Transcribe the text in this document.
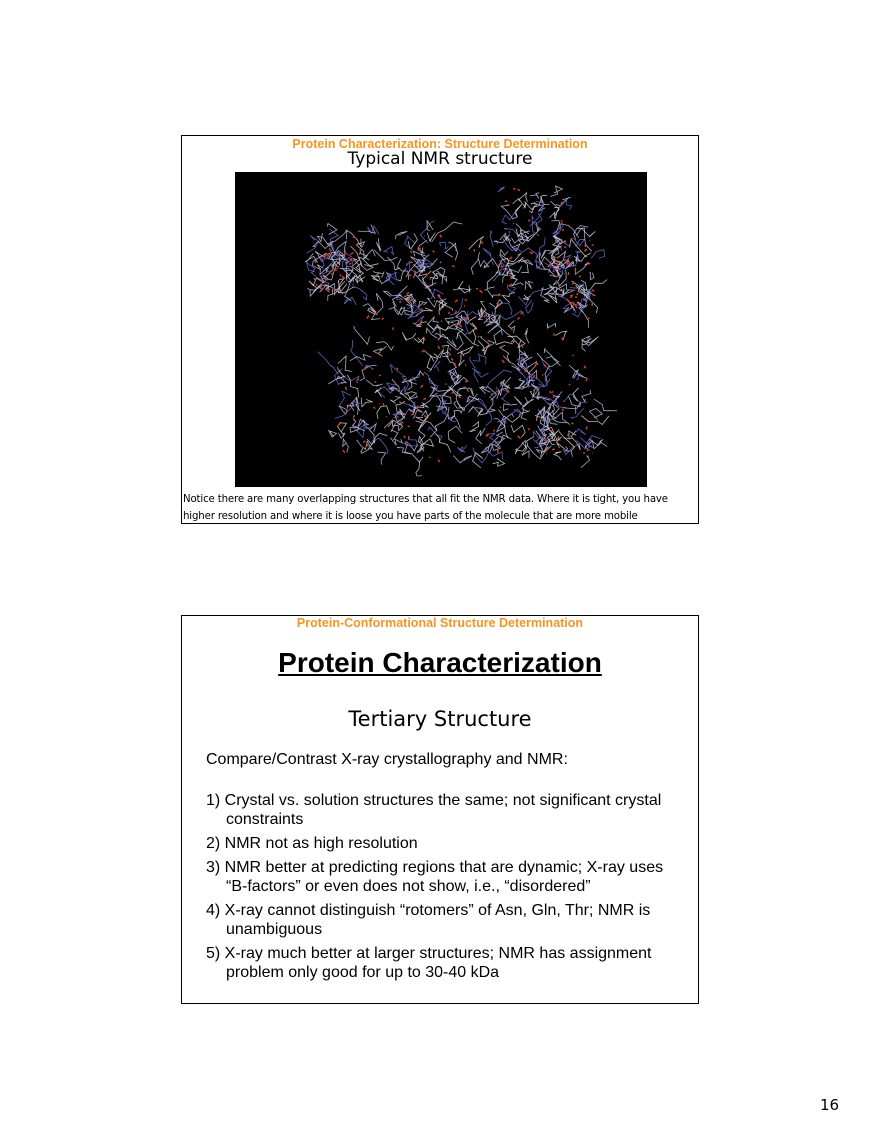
Protein Characterization: Structure Determination
Typical NMR structure
Notice there are many overlapping structures that all fit the NMR data. Where it is tight, you have
higher resolution and where it is loose you have parts of the molecule that are more mobile
Protein-Conformational Structure Determination
Protein Characterization
Tertiary Structure
Compare/Contrast X-ray crystallography and NMR:
1) Crystal vs. solution structures the same; not significant crystal constraints
2) NMR not as high resolution
3) NMR better at predicting regions that are dynamic; X-ray uses “B-factors” or even does not show, i.e., “disordered”
4) X-ray cannot distinguish “rotomers” of Asn, Gln, Thr; NMR is unambiguous
5) X-ray much better at larger structures; NMR has assignment problem only good for up to 30-40 kDa
16
